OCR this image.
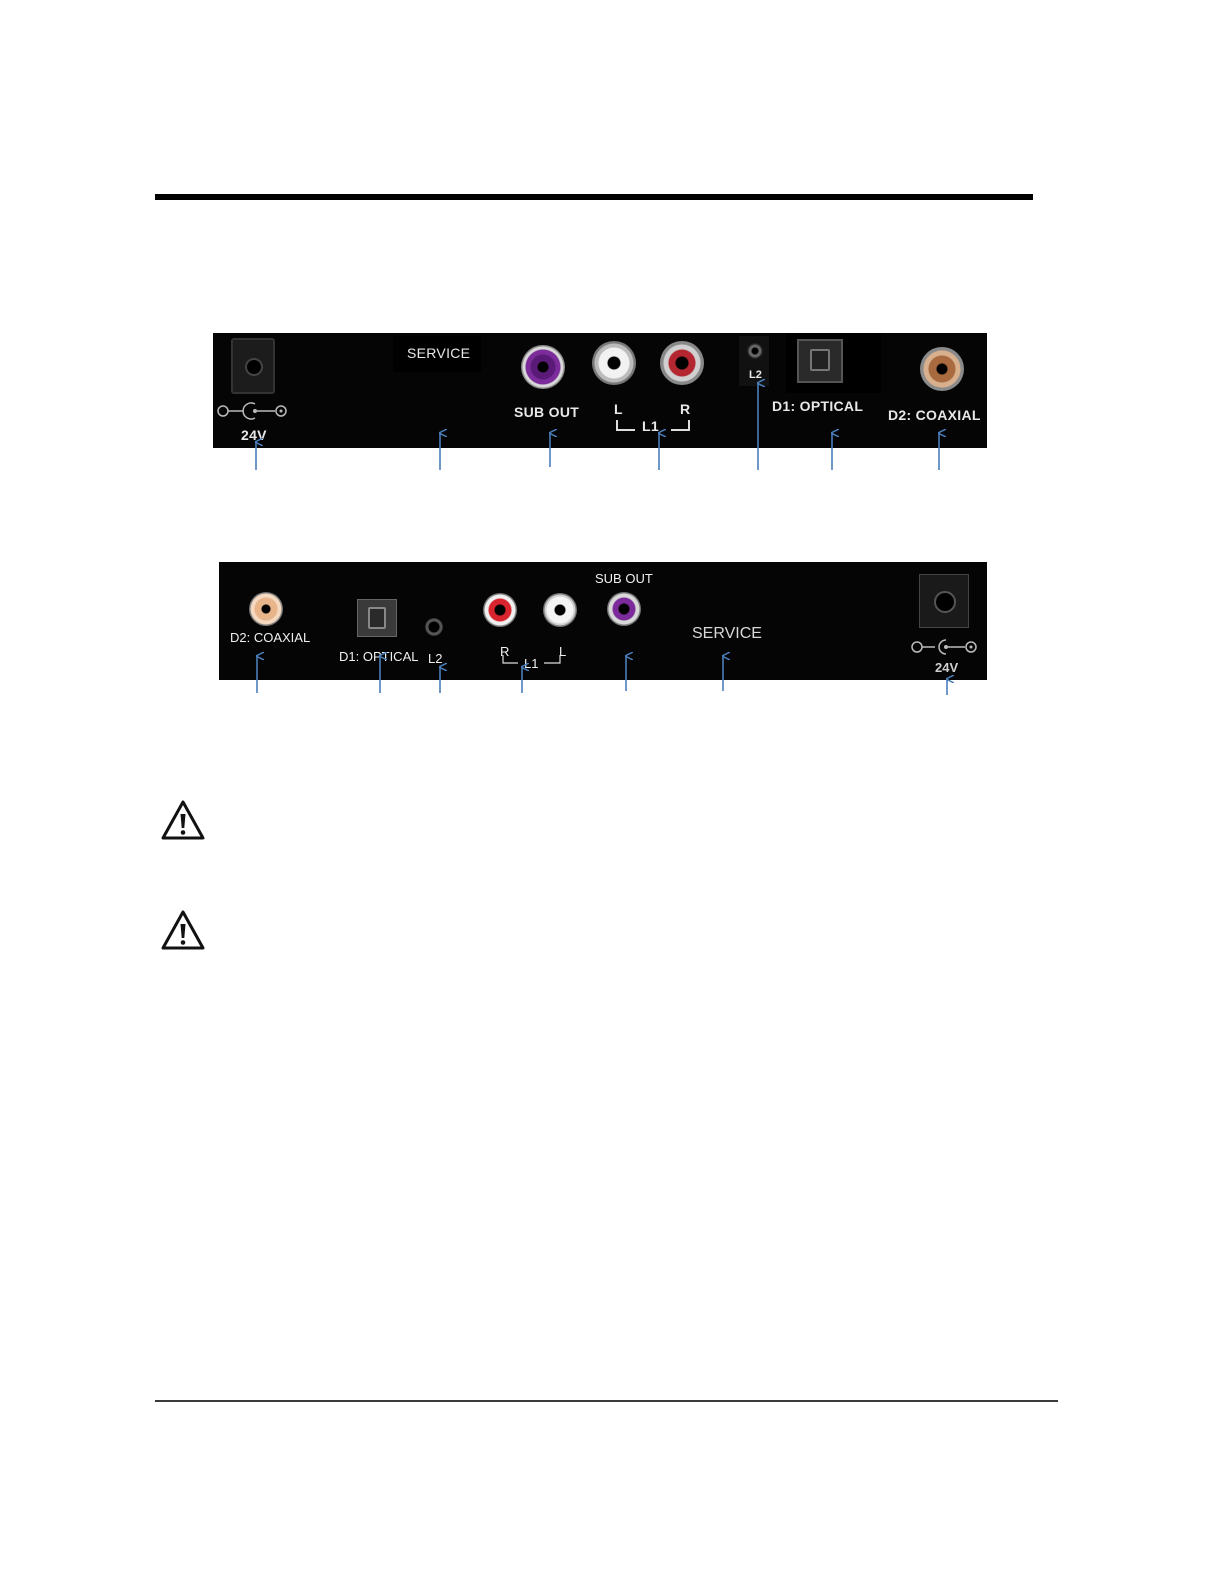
24V
SERVICE
SUB OUT L	R
L1
L2
D1: OPTICAL
D2: COAXIAL
D2: COAXIAL
D1: OPTICAL L2	R	L
L1
SUB OUT
SERVICE
24V
